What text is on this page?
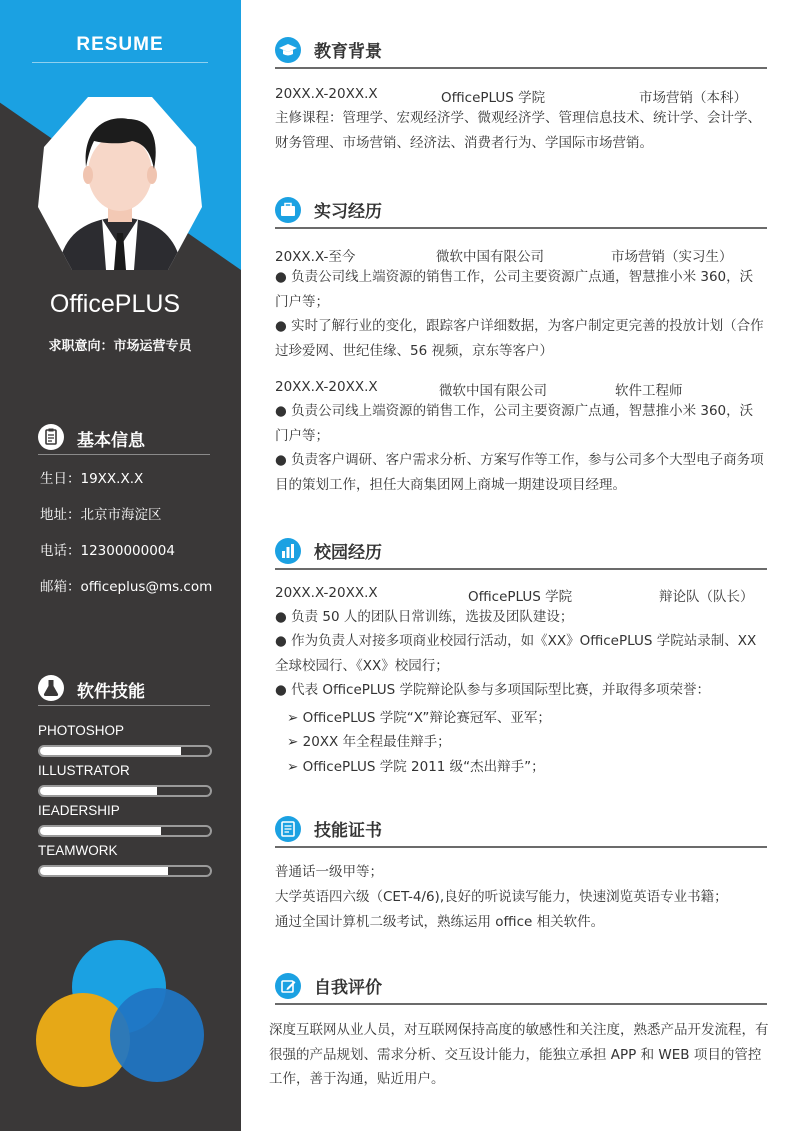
RESUME
OfficePLUS
求职意向：市场运营专员
基本信息
生日：19XX.X.X
地址：北京市海淀区
电话：12300000004
邮箱：officeplus@ms.com
软件技能
PHOTOSHOP
ILLUSTRATOR
IEADERSHIP
TEAMWORK
教育背景
20XX.X-20XX.X	OfficePLUS 学院	市场营销（本科）
主修课程：管理学、宏观经济学、微观经济学、管理信息技术、统计学、会计学、财务管理、市场营销、经济法、消费者行为、学国际市场营销。
实习经历
20XX.X-至今	微软中国有限公司	市场营销（实习生）
● 负责公司线上端资源的销售工作，公司主要资源广点通，智慧推小米 360，沃门户等；
● 实时了解行业的变化，跟踪客户详细数据，为客户制定更完善的投放计划（合作过珍爱网、世纪佳缘、56 视频，京东等客户）
20XX.X-20XX.X	微软中国有限公司	软件工程师
● 负责公司线上端资源的销售工作，公司主要资源广点通，智慧推小米 360，沃门户等；
● 负责客户调研、客户需求分析、方案写作等工作，参与公司多个大型电子商务项目的策划工作，担任大商集团网上商城一期建设项目经理。
校园经历
20XX.X-20XX.X	OfficePLUS 学院	辩论队（队长）
● 负责 50 人的团队日常训练，选拔及团队建设；
● 作为负责人对接多项商业校园行活动，如《XX》OfficePLUS 学院站录制、XX 全球校园行、《XX》校园行；
● 代表 OfficePLUS 学院辩论队参与多项国际型比赛，并取得多项荣誉：
➢ OfficePLUS 学院“X”辩论赛冠军、亚军；
➢ 20XX 年全程最佳辩手；
➢ OfficePLUS 学院 2011 级“杰出辩手”；
技能证书
普通话一级甲等；
大学英语四六级（CET-4/6),良好的听说读写能力，快速浏览英语专业书籍；
通过全国计算机二级考试，熟练运用 office 相关软件。
自我评价
深度互联网从业人员，对互联网保持高度的敏感性和关注度，熟悉产品开发流程，有很强的产品规划、需求分析、交互设计能力，能独立承担 APP 和 WEB 项目的管控工作，善于沟通，贴近用户。
